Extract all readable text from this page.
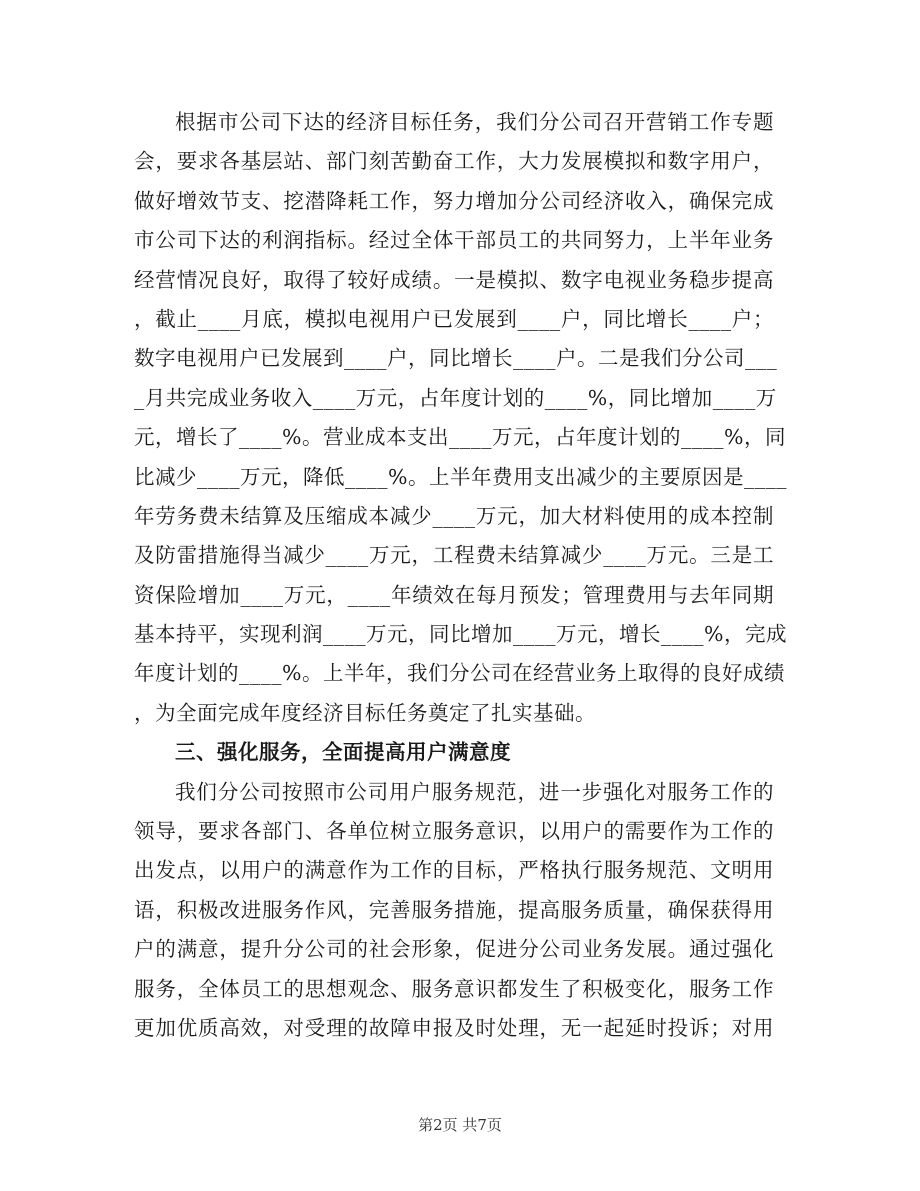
根据市公司下达的经济目标任务，我们分公司召开营销工作专题
会，要求各基层站、部门刻苦勤奋工作，大力发展模拟和数字用户，
做好增效节支、挖潜降耗工作，努力增加分公司经济收入，确保完成
市公司下达的利润指标。经过全体干部员工的共同努力，上半年业务
经营情况良好，取得了较好成绩。一是模拟、数字电视业务稳步提高
，截止____月底，模拟电视用户已发展到____户，同比增长____户；
数字电视用户已发展到____户，同比增长____户。二是我们分公司___
_月共完成业务收入____万元，占年度计划的____%，同比增加____万
元，增长了____%。营业成本支出____万元，占年度计划的____%，同
比减少____万元，降低____%。上半年费用支出减少的主要原因是____
年劳务费未结算及压缩成本减少____万元，加大材料使用的成本控制
及防雷措施得当减少____万元，工程费未结算减少____万元。三是工
资保险增加____万元，____年绩效在每月预发；管理费用与去年同期
基本持平，实现利润____万元，同比增加____万元，增长____%，完成
年度计划的____%。上半年，我们分公司在经营业务上取得的良好成绩
，为全面完成年度经济目标任务奠定了扎实基础。
三、强化服务，全面提高用户满意度
我们分公司按照市公司用户服务规范，进一步强化对服务工作的
领导，要求各部门、各单位树立服务意识，以用户的需要作为工作的
出发点，以用户的满意作为工作的目标，严格执行服务规范、文明用
语，积极改进服务作风，完善服务措施，提高服务质量，确保获得用
户的满意，提升分公司的社会形象，促进分公司业务发展。通过强化
服务，全体员工的思想观念、服务意识都发生了积极变化，服务工作
更加优质高效，对受理的故障申报及时处理，无一起延时投诉；对用
第2页 共7页
